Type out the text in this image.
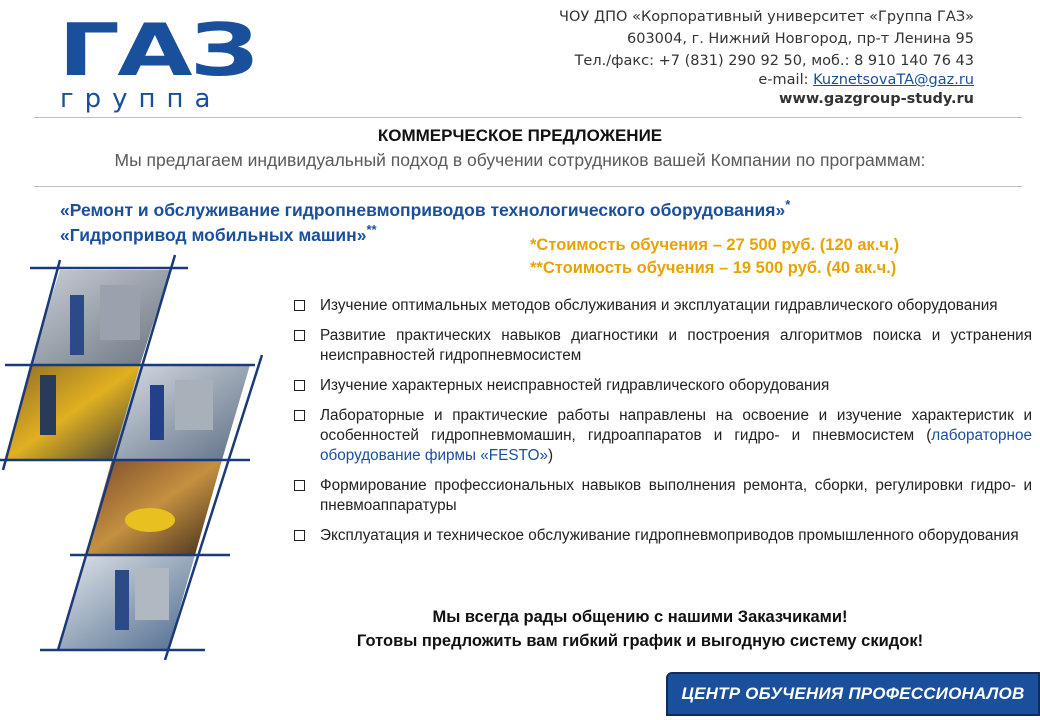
ГАЗ
группа
ЧОУ ДПО «Корпоративный университет «Группа ГАЗ»
603004, г. Нижний Новгород, пр-т Ленина 95
Тел./факс: +7 (831) 290 92 50, моб.: 8 910 140 76 43
e-mail: KuznetsovaTA@gaz.ru
www.gazgroup-study.ru
КОММЕРЧЕСКОЕ ПРЕДЛОЖЕНИЕ
Мы предлагаем индивидуальный подход в обучении сотрудников вашей Компании по программам:
«Ремонт и обслуживание гидропневмоприводов технологического оборудования»*
«Гидропривод мобильных машин»**
*Стоимость обучения – 27 500 руб. (120 ак.ч.)
**Стоимость обучения – 19 500 руб. (40 ак.ч.)
Изучение оптимальных методов обслуживания и эксплуатации гидравлического оборудования
Развитие практических навыков диагностики и построения алгоритмов поиска и устранения неисправностей гидропневмосистем
Изучение характерных неисправностей гидравлического оборудования
Лабораторные и практические работы направлены на освоение и изучение характеристик и особенностей гидропневмомашин, гидроаппаратов и гидро- и пневмосистем (лабораторное оборудование фирмы «FESTO»)
Формирование профессиональных навыков выполнения ремонта, сборки, регулировки гидро- и пневмоаппаратуры
Эксплуатация и техническое обслуживание гидропневмоприводов промышленного оборудования
Мы всегда рады общению с нашими Заказчиками!
Готовы предложить вам гибкий график и выгодную систему скидок!
ЦЕНТР ОБУЧЕНИЯ ПРОФЕССИОНАЛОВ
